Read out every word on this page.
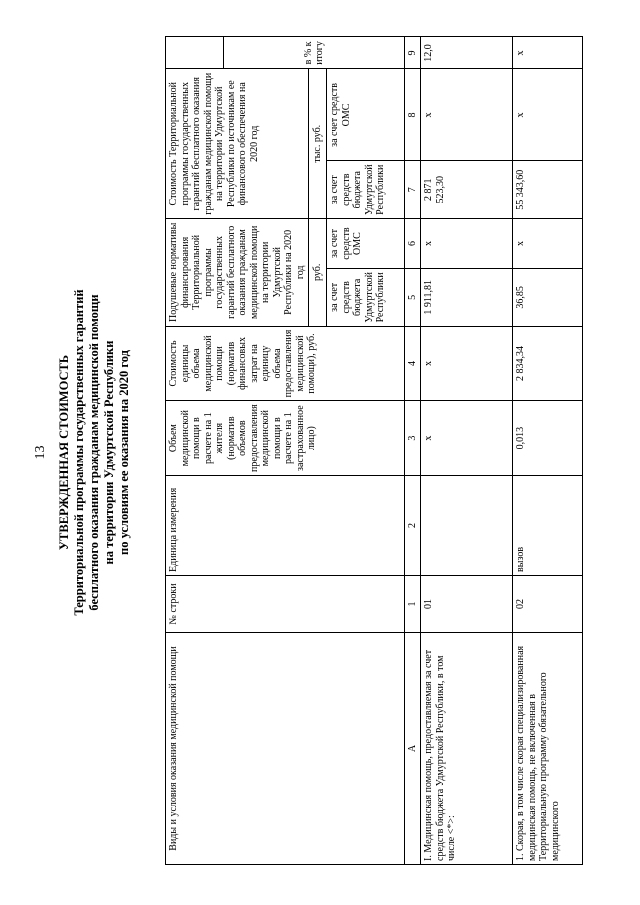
13 УТВЕРЖДЕННАЯ СТОИМОСТЬ Территориальной программы государственных гарантий бесплатного оказания гражданам медицинской помощи на территории Удмуртской Республики по условиям ее оказания на 2020 год
Виды и условия оказания медицинской помощи	№ строки	Единица измерения	Объем медицинской помощи в расчете на 1 жителя (норматив объемов предоставления медицинской помощи в расчете на 1 застрахованное лицо)	Стоимость единицы объема медицинской помощи (норматив финансовых затрат на единицу объема предоставления медицинской помощи), руб.	Подушевые нормативы финансирования Территориальной программы государственных гарантий бесплатного оказания гражданам медицинской помощи на территории Удмуртской Республики на 2020 год		Стоимость Территориальной программы государственных гарантий бесплатного оказания гражданам медицинской помощи на территории Удмуртской Республики по источникам ее финансового обеспечения на 2020 год		
									в % к итогу
					руб.		тыс. руб.		
					за счет средств бюджета Удмуртской Республики	за счет средств ОМС	за счет средств бюджета Удмуртской Республики	за счет средств ОМС	
А	1	2	3	4	5	6	7	8	9
I. Медицинская помощь, предоставляемая за счет средств бюджета Удмуртской Республики, в том числе <*>:	01		х	х	1 911,81	х	2 871 523,30	х	12,0
1. Скорая, в том числе скорая специализированная медицинская помощь, не включенная в Территориальную программу обязательного медицинского	02	вызов	0,013	2 834,34	36,85	х	55 343,60	х	х
